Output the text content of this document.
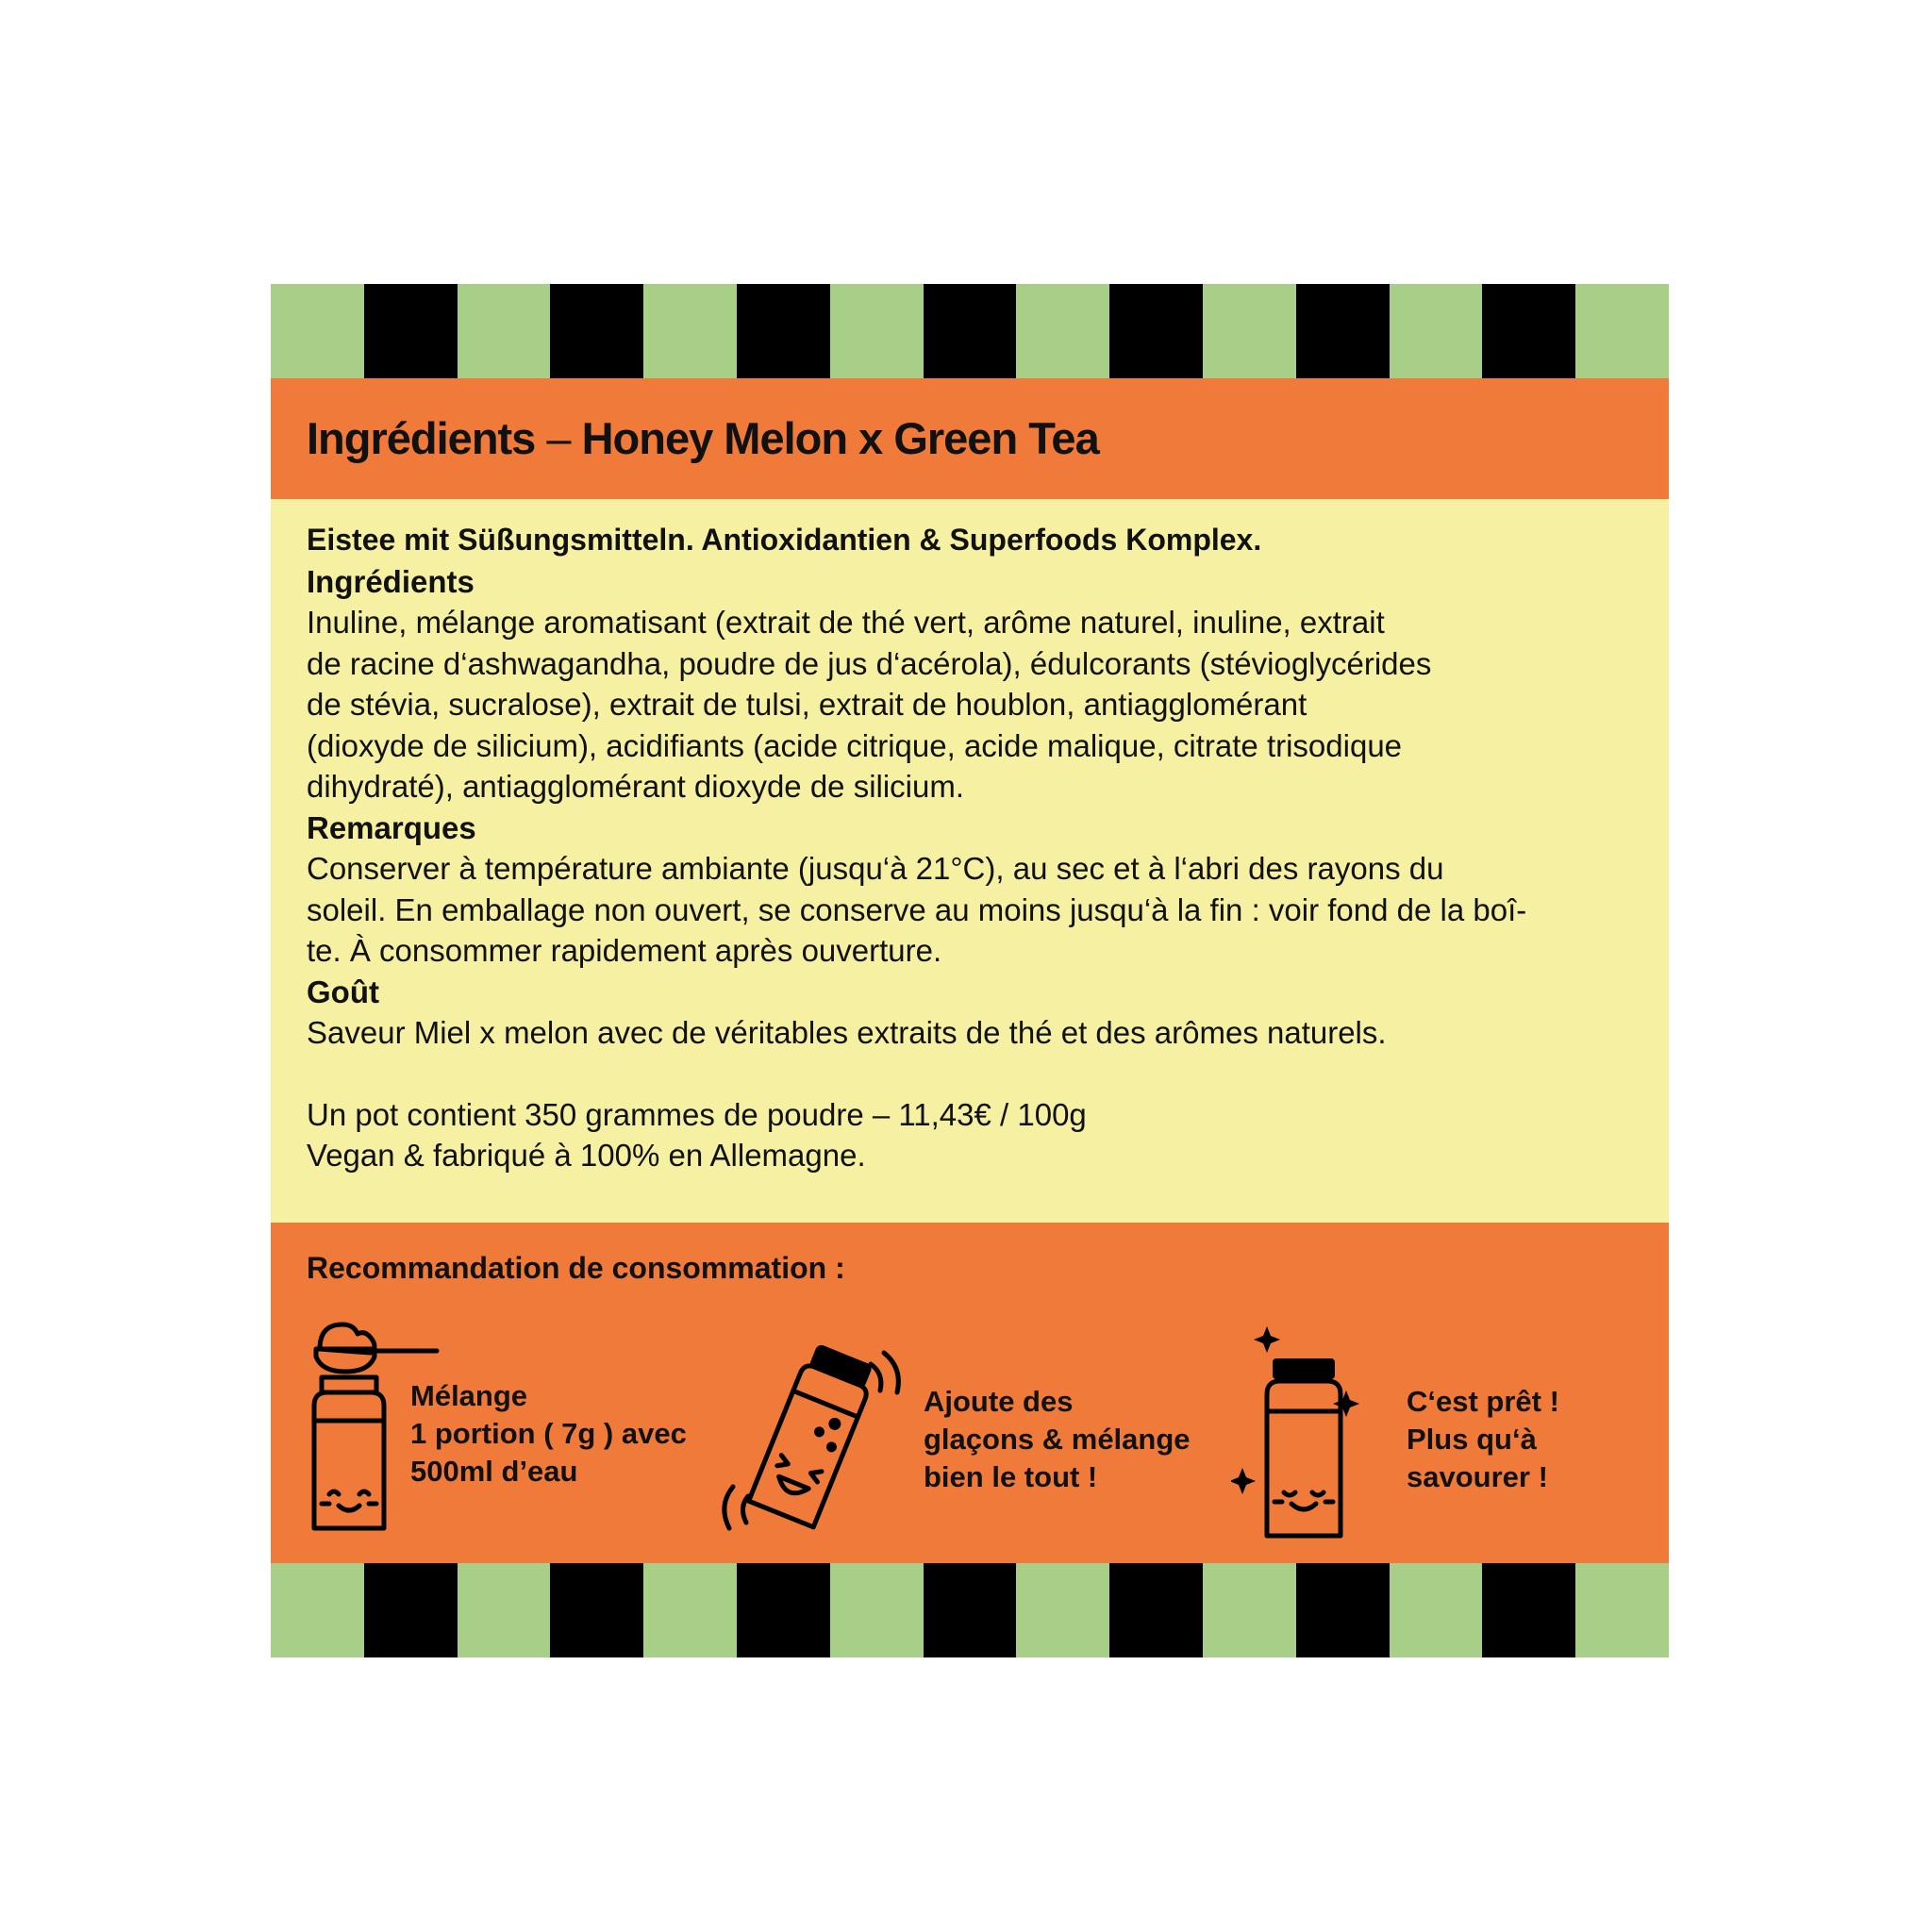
Ingrédients – Honey Melon x Green Tea

Eistee mit Süßungsmitteln. Antioxidantien & Superfoods Komplex.

Ingrédients

Inuline, mélange aromatisant (extrait de thé vert, arôme naturel, inuline, extrait

de racine d‘ashwagandha, poudre de jus d‘acérola), édulcorants (stévioglycérides

de stévia, sucralose), extrait de tulsi, extrait de houblon, antiagglomérant

(dioxyde de silicium), acidifiants (acide citrique, acide malique, citrate trisodique

dihydraté), antiagglomérant dioxyde de silicium.

Remarques

Conserver à température ambiante (jusqu‘à 21°C), au sec et à l‘abri des rayons du

soleil. En emballage non ouvert, se conserve au moins jusqu‘à la fin : voir fond de la boî-

te. À consommer rapidement après ouverture.

Goût

Saveur Miel x melon avec de véritables extraits de thé et des arômes naturels.

Un pot contient 350 grammes de poudre – 11,43€ / 100g

Vegan & fabriqué à 100% en Allemagne.

Recommandation de consommation :

Mélange
1 portion ( 7g ) avec
500ml d’eau

Ajoute des
glaçons & mélange
bien le tout !

C‘est prêt !
Plus qu‘à
savourer !
